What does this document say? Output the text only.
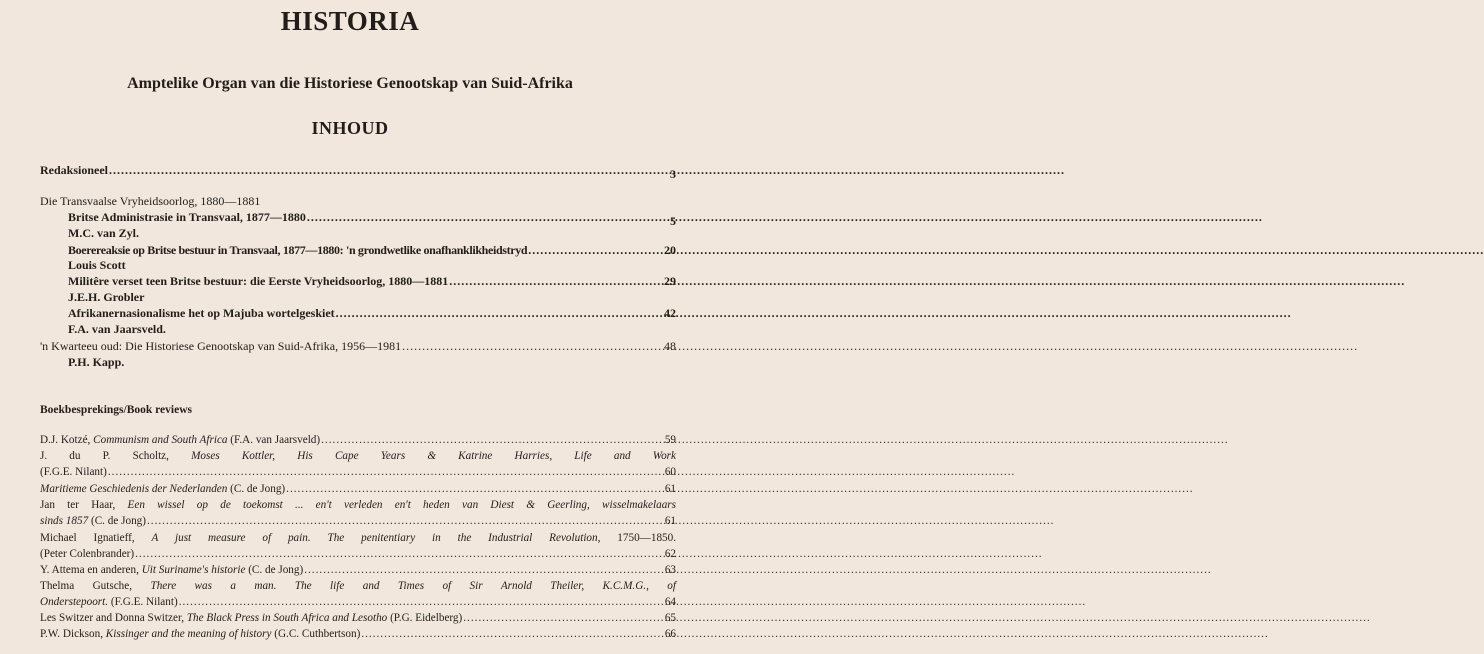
HISTORIA
Amptelike Organ van die Historiese Genootskap van Suid-Afrika
INHOUD
Redaksioneel .....	3
Die Transvaalse Vryheidsoorlog, 1880—1881
Britse Administrasie in Transvaal, 1877—1880 .....	5
M.C. van Zyl.
Boerereaksie op Britse bestuur in Transvaal, 1877—1880: 'n grondwetlike onafhanklikheidstryd .....	20
Louis Scott
Militêre verset teen Britse bestuur: die Eerste Vryheidsoorlog, 1880—1881 .....	29
J.E.H. Grobler
Afrikanernasionalisme het op Majuba wortelgeskiet .....	42
F.A. van Jaarsveld.
'n Kwarteeu oud: Die Historiese Genootskap van Suid-Afrika, 1956—1981 .....	48
P.H. Kapp.
Boekbesprekings/Book reviews
D.J. Kotzé, Communism and South Africa (F.A. van Jaarsveld) .....	59
J. du P. Scholtz, Moses Kottler, His Cape Years & Katrine Harries, Life and Work
(F.G.E. Nilant) .....	60
Maritieme Geschiedenis der Nederlanden (C. de Jong) .....	61
Jan ter Haar, Een wissel op de toekomst ... en't verleden en't heden van Diest & Geerling, wisselmakelaars
sinds 1857 (C. de Jong) .....	61
Michael Ignatieff, A just measure of pain. The penitentiary in the Industrial Revolution, 1750—1850.
(Peter Colenbrander) .....	62
Y. Attema en anderen, Uit Suriname's historie (C. de Jong) .....	63
Thelma Gutsche, There was a man. The life and Times of Sir Arnold Theiler, K.C.M.G., of
Onderstepoort. (F.G.E. Nilant) .....	64
Les Switzer and Donna Switzer, The Black Press in South Africa and Lesotho (P.G. Eidelberg) .....	65
P.W. Dickson, Kissinger and the meaning of history (G.C. Cuthbertson) .....	66
